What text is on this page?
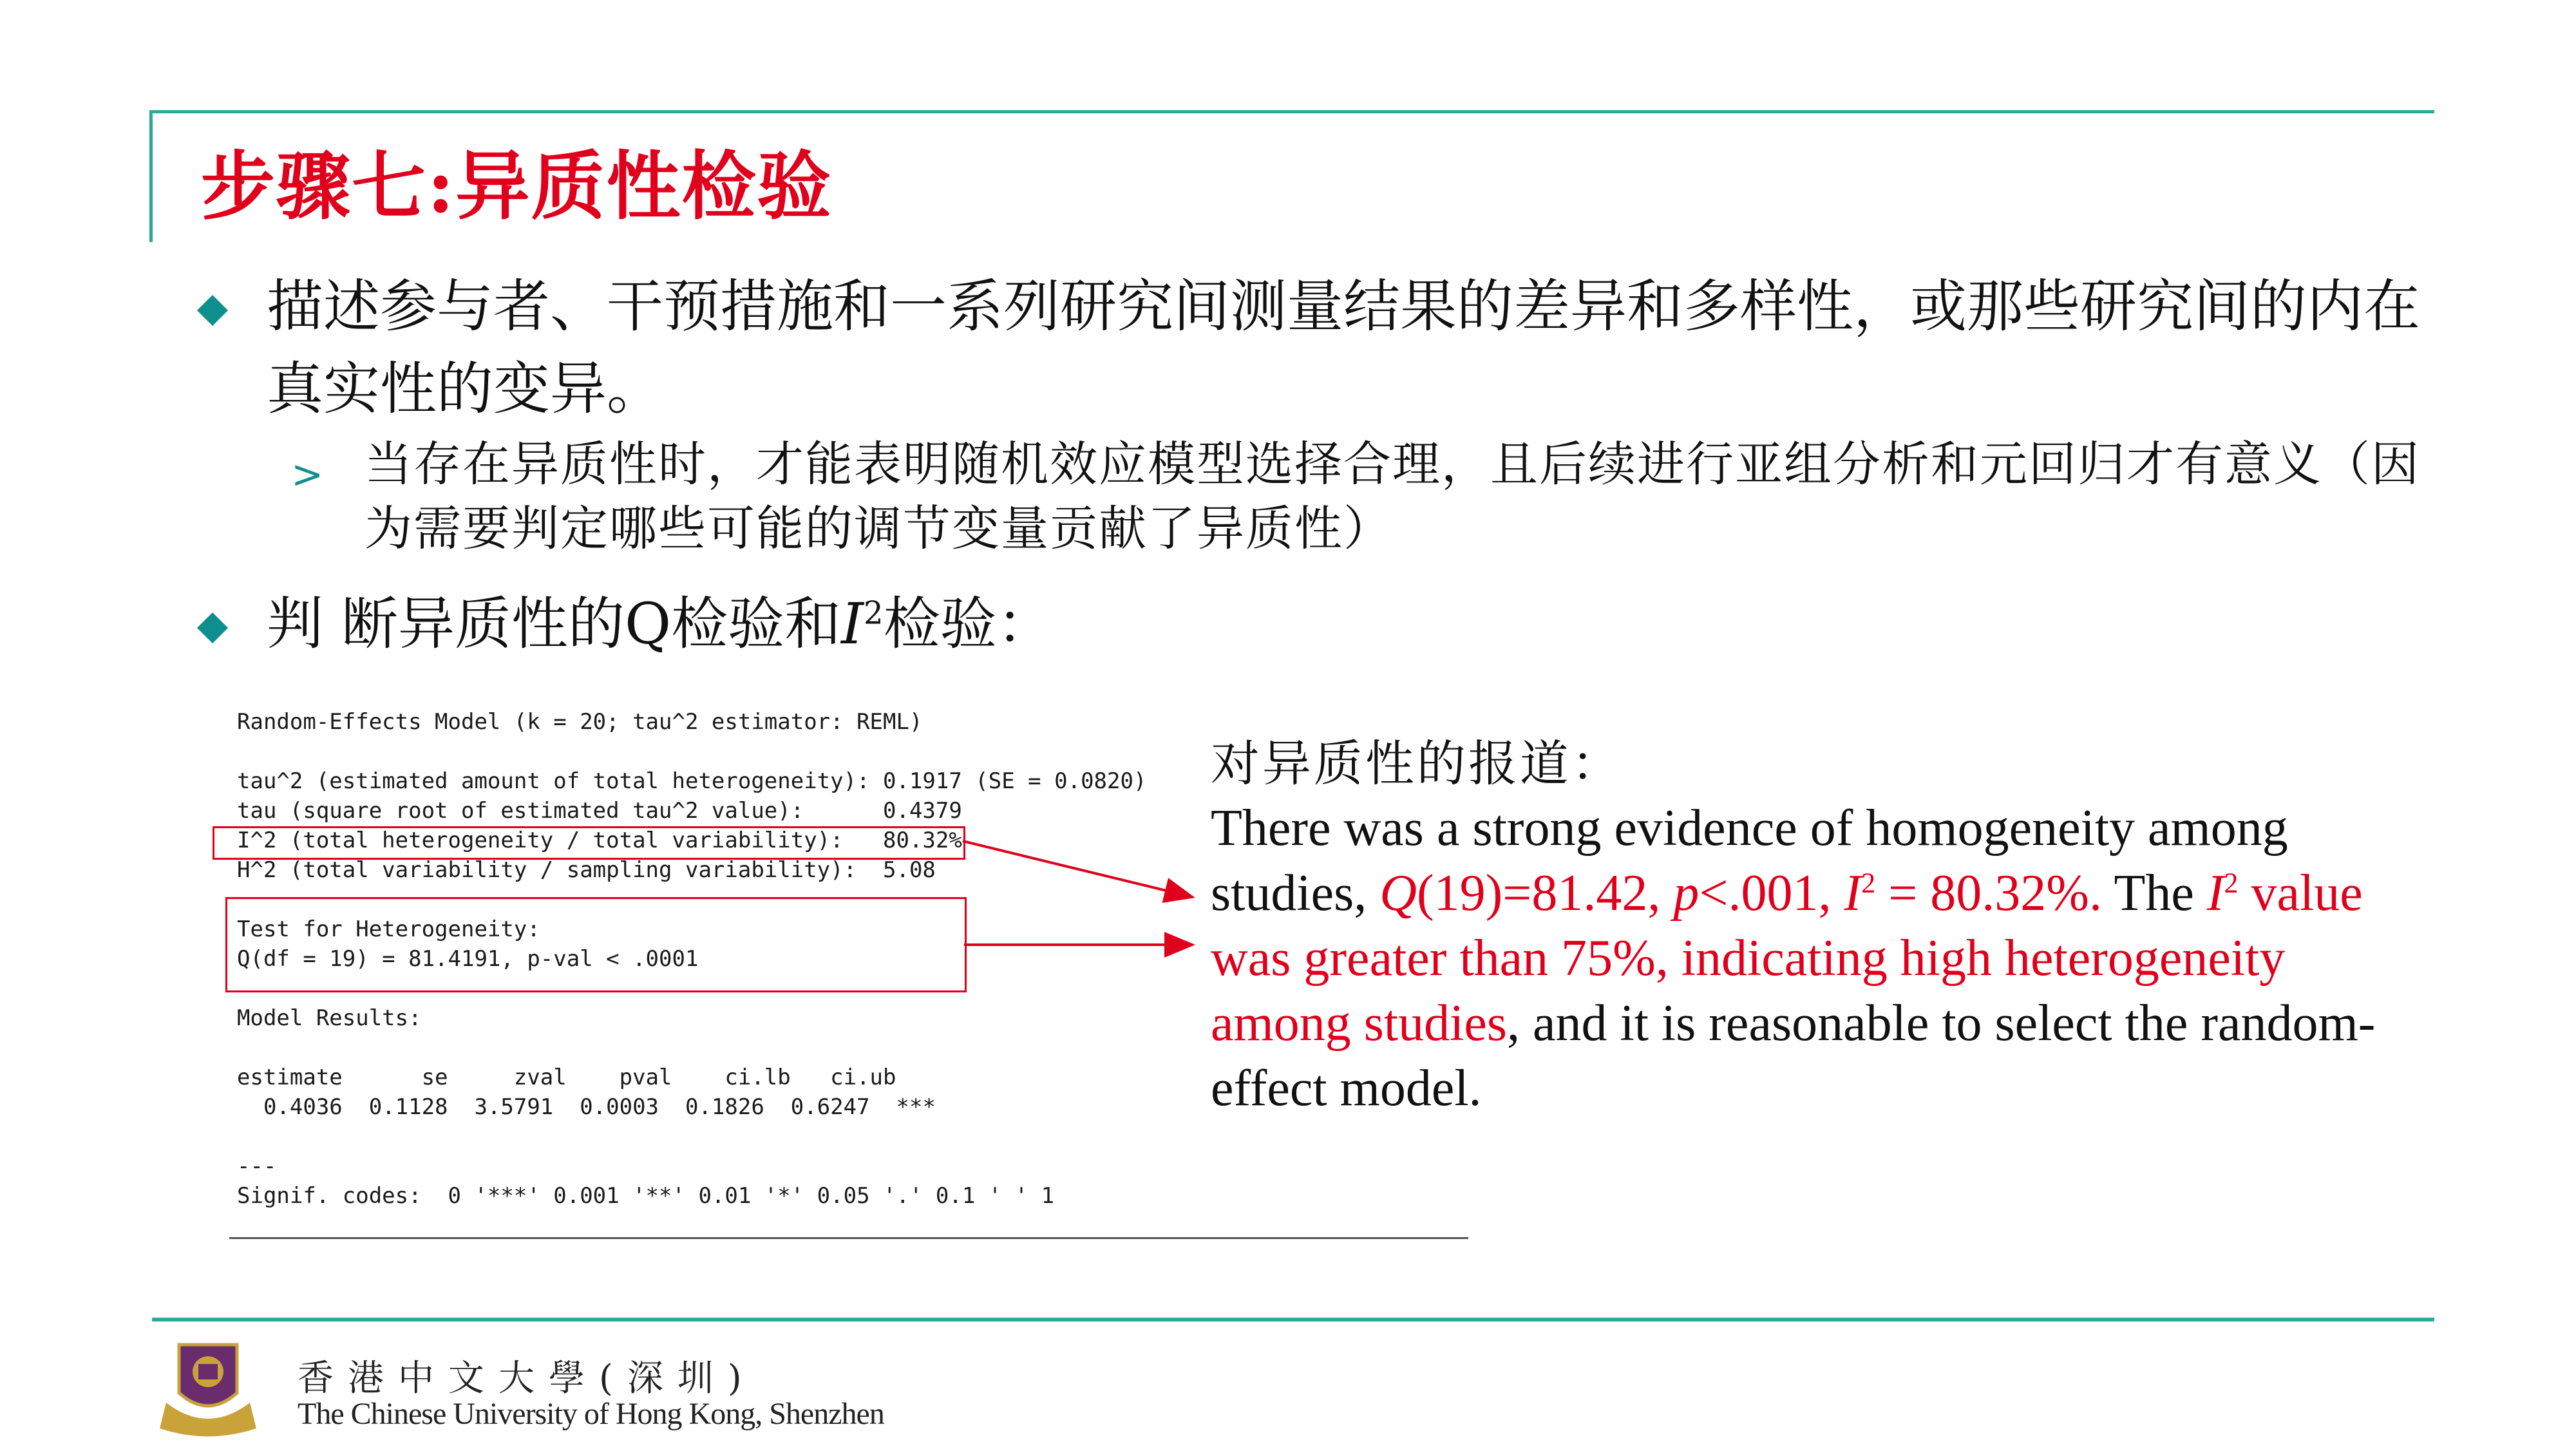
步骤七:异质性检验
描述参与者、干预措施和一系列研究间测量结果的差异和多样性，或那些研究间的内在真实性的变异。
> 当存在异质性时，才能表明随机效应模型选择合理，且后续进行亚组分析和元回归才有意义（因为需要判定哪些可能的调节变量贡献了异质性）
判 断异质性的Q检验和$I^2$检验：
Random-Effects Model (k = 20; tau^2 estimator: REML)

tau^2 (estimated amount of total heterogeneity): 0.1917 (SE = 0.0820)
tau (square root of estimated tau^2 value):      0.4379
I^2 (total heterogeneity / total variability):   80.32%
H^2 (total variability / sampling variability):  5.08

Test for Heterogeneity:
Q(df = 19) = 81.4191, p-val < .0001

Model Results:

estimate      se     zval    pval    ci.lb   ci.ub
0.4036  0.1128  3.5791  0.0003  0.1826  0.6247  ***

---
Signif. codes:  0 '***' 0.001 '**' 0.01 '*' 0.05 '.' 0.1 ' ' 1
对异质性的报道：
There was a strong evidence of homogeneity among studies, Q(19)=81.42, p<.001, $I^2 = 80.32\%$. The $I^2$ value was greater than 75%, indicating high heterogeneity among studies, and it is reasonable to select the random-effect model.
香港中文大學(深圳)
The Chinese University of Hong Kong, Shenzhen
